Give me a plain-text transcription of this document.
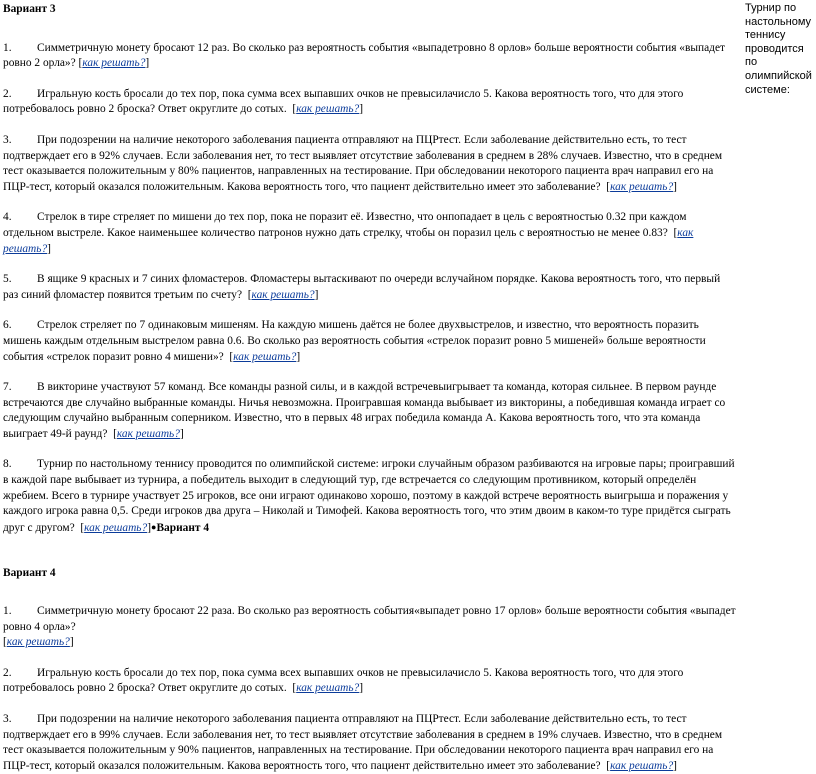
Вариант 3

1. Симметричную монету бросают 12 раз. Во сколько раз вероятность события «выпадетровно 8 орлов» больше вероятности события «выпадет ровно 2 орла»? [как решать?]

2. Игральную кость бросали до тех пор, пока сумма всех выпавших очков не превысилачисло 5. Какова вероятность того, что для этого потребовалось ровно 2 броска? Ответ округлите до сотых.  [как решать?]

3. При подозрении на наличие некоторого заболевания пациента отправляют на ПЦРтест. Если заболевание действительно есть, то тест подтверждает его в 92% случаев. Если заболевания нет, то тест выявляет отсутствие заболевания в среднем в 28% случаев. Известно, что в среднем тест оказывается положительным у 80% пациентов, направленных на тестирование. При обследовании некоторого пациента врач направил его на ПЦР-тест, который оказался положительным. Какова вероятность того, что пациент действительно имеет это заболевание?  [как решать?]

4. Стрелок в тире стреляет по мишени до тех пор, пока не поразит её. Известно, что онпопадает в цель с вероятностью 0.32 при каждом отдельном выстреле. Какое наименьшее количество патронов нужно дать стрелку, чтобы он поразил цель с вероятностью не менее 0.83?  [как решать?]

5. В ящике 9 красных и 7 синих фломастеров. Фломастеры вытаскивают по очереди вслучайном порядке. Какова вероятность того, что первый раз синий фломастер появится третьим по счету?  [как решать?]

6. Стрелок стреляет по 7 одинаковым мишеням. На каждую мишень даётся не более двухвыстрелов, и известно, что вероятность поразить мишень каждым отдельным выстрелом равна 0.6. Во сколько раз вероятность события «стрелок поразит ровно 5 мишеней» больше вероятности события «стрелок поразит ровно 4 мишени»?  [как решать?]

7. В викторине участвуют 57 команд. Все команды разной силы, и в каждой встречевыигрывает та команда, которая сильнее. В первом раунде встречаются две случайно выбранные команды. Ничья невозможна. Проигравшая команда выбывает из викторины, а победившая команда играет со следующим случайно выбранным соперником. Известно, что в первых 48 играх победила команда А. Какова вероятность того, что эта команда выиграет 49-й раунд?  [как решать?]

8. Турнир по настольному теннису проводится по олимпийской системе: игроки случайным образом разбиваются на игровые пары; проигравший в каждой паре выбывает из турнира, а победитель выходит в следующий тур, где встречается со следующим противником, который определён жребием. Всего в турнире участвует 25 игроков, все они играют одинаково хорошо, поэтому в каждой встрече вероятность выигрыша и поражения у каждого игрока равна 0,5. Среди игроков два друга – Николай и Тимофей. Какова вероятность того, что этим двоим в каком-то туре придётся сыграть друг с другом?  [как решать?]●Вариант 4

Вариант 4

1. Симметричную монету бросают 22 раза. Во сколько раз вероятность события«выпадет ровно 17 орлов» больше вероятности события «выпадет ровно 4 орла»?
[как решать?]

2. Игральную кость бросали до тех пор, пока сумма всех выпавших очков не превысилачисло 5. Какова вероятность того, что для этого потребовалось ровно 2 броска? Ответ округлите до сотых.  [как решать?]

3. При подозрении на наличие некоторого заболевания пациента отправляют на ПЦРтест. Если заболевание действительно есть, то тест подтверждает его в 99% случаев. Если заболевания нет, то тест выявляет отсутствие заболевания в среднем в 19% случаев. Известно, что в среднем тест оказывается положительным у 90% пациентов, направленных на тестирование. При обследовании некоторого пациента врач направил его на ПЦР-тест, который оказался положительным. Какова вероятность того, что пациент действительно имеет это заболевание?  [как решать?]

Турнир по настольному теннису проводится по олимпийской системе:
